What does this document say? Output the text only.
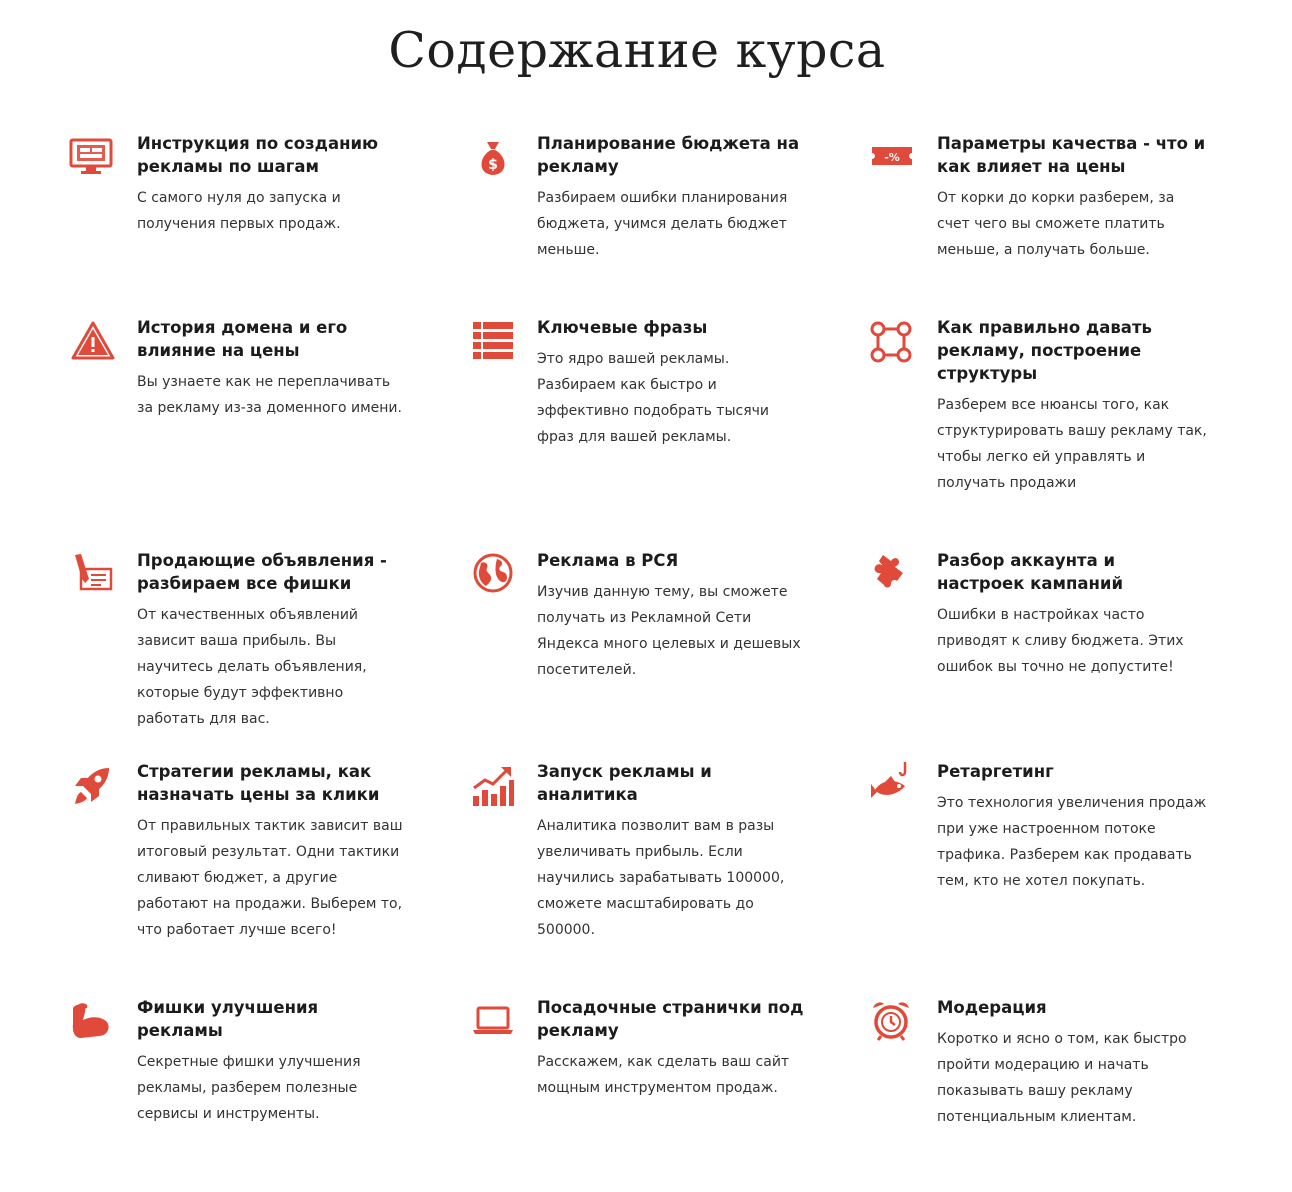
Содержание курса
Инструкция по созданию рекламы по шагам

С самого нуля до запуска и получения первых продаж.

$
Планирование бюджета на рекламу

Разбираем ошибки планирования бюджета, учимся делать бюджет меньше.

-%
Параметры качества - что и как влияет на цены

От корки до корки разберем, за счет чего вы сможете платить меньше, а получать больше.

История домена и его влияние на цены

Вы узнаете как не переплачивать за рекламу из-за доменного имени.

Ключевые фразы

Это ядро вашей рекламы. Разбираем как быстро и эффективно подобрать тысячи фраз для вашей рекламы.

Как правильно давать рекламу, построение структуры

Разберем все нюансы того, как структурировать вашу рекламу так, чтобы легко ей управлять и получать продажи

Продающие объявления - разбираем все фишки

От качественных объявлений зависит ваша прибыль. Вы научитесь делать объявления, которые будут эффективно работать для вас.

Реклама в РСЯ

Изучив данную тему, вы сможете получать из Рекламной Сети Яндекса много целевых и дешевых посетителей.

Разбор аккаунта и настроек кампаний

Ошибки в настройках часто приводят к сливу бюджета. Этих ошибок вы точно не допустите!

Стратегии рекламы, как назначать цены за клики

От правильных тактик зависит ваш итоговый результат. Одни тактики сливают бюджет, а другие работают на продажи. Выберем то, что работает лучше всего!

Запуск рекламы и аналитика

Аналитика позволит вам в разы увеличивать прибыль. Если научились зарабатывать 100000, сможете масштабировать до 500000.

Ретаргетинг

Это технология увеличения продаж при уже настроенном потоке трафика. Разберем как продавать тем, кто не хотел покупать.

Фишки улучшения рекламы

Секретные фишки улучшения рекламы, разберем полезные сервисы и инструменты.

Посадочные странички под рекламу

Расскажем, как сделать ваш сайт мощным инструментом продаж.

Модерация

Коротко и ясно о том, как быстро пройти модерацию и начать показывать вашу рекламу потенциальным клиентам.
